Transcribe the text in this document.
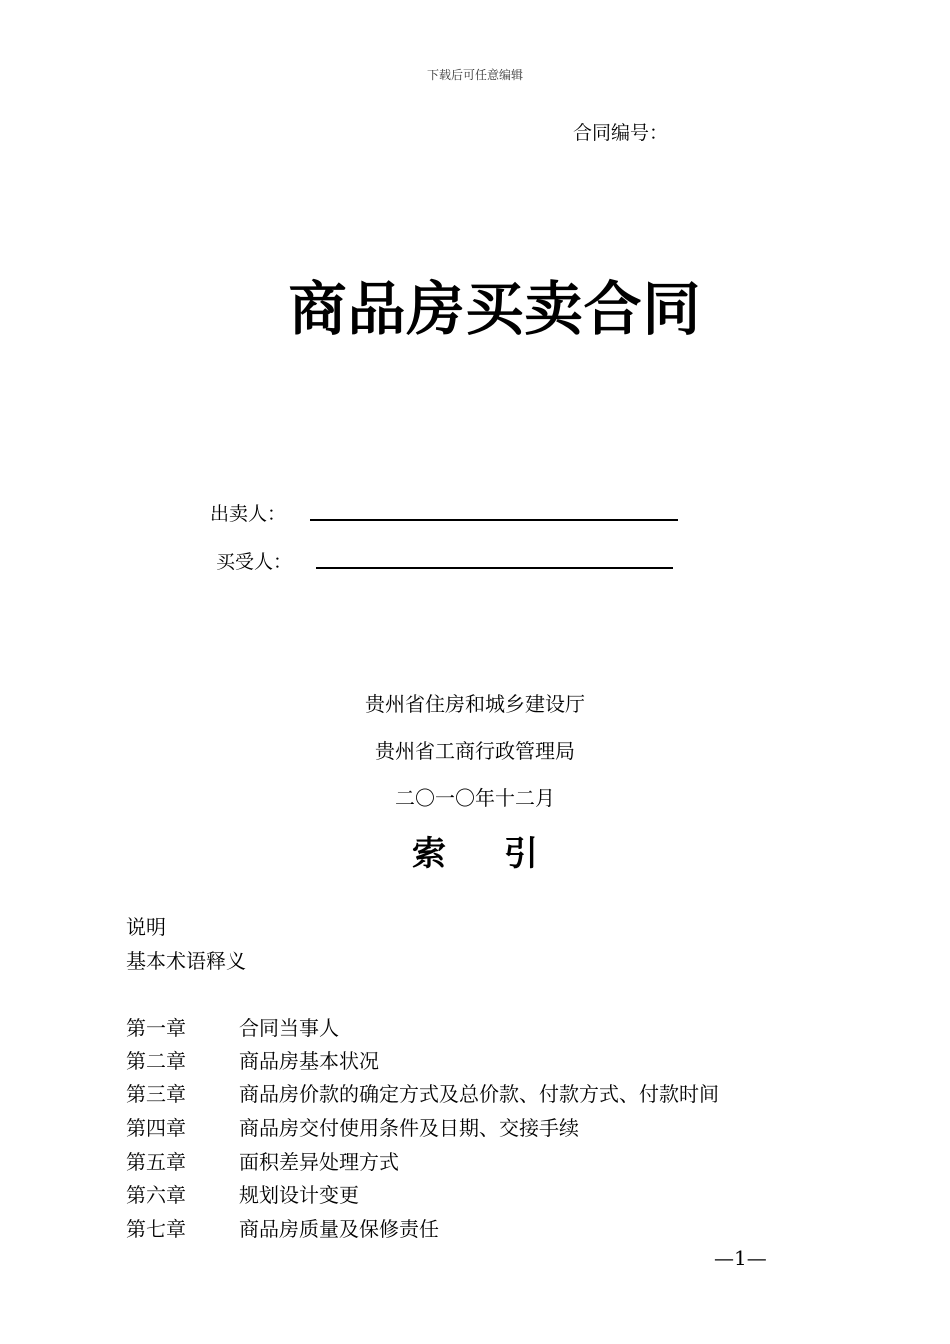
下载后可任意编辑
合同编号：
商品房买卖合同
出卖人：
买受人：
贵州省住房和城乡建设厅
贵州省工商行政管理局
二〇一〇年十二月
索 引
说明
基本术语释义
第一章	合同当事人
第二章	商品房基本状况
第三章	商品房价款的确定方式及总价款、付款方式、付款时间
第四章	商品房交付使用条件及日期、交接手续
第五章	面积差异处理方式
第六章	规划设计变更
第七章	商品房质量及保修责任
—1—
